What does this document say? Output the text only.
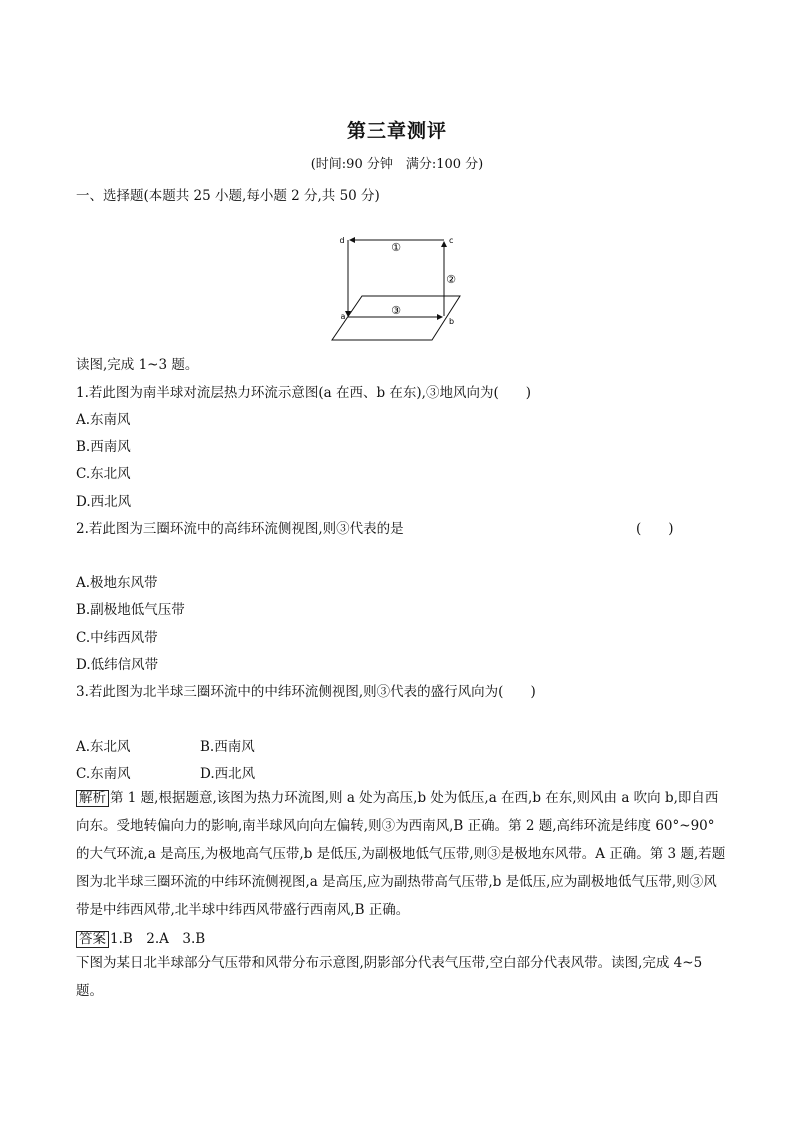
第三章测评
(时间:90 分钟　满分:100 分)
一、选择题(本题共 25 小题,每小题 2 分,共 50 分)
d	c
a
b
①
②
③
读图,完成 1~3 题。
1.若此图为南半球对流层热力环流示意图(a 在西、b 在东),③地风向为(　　)
A.东南风
B.西南风
C.东北风
D.西北风
2.若此图为三圈环流中的高纬环流侧视图,则③代表的是	(　　)
A.极地东风带
B.副极地低气压带
C.中纬西风带
D.低纬信风带
3.若此图为北半球三圈环流中的中纬环流侧视图,则③代表的盛行风向为(　　)
A.东北风	B.西南风
C.东南风	D.西北风
解析 第 1 题,根据题意,该图为热力环流图,则 a 处为高压,b 处为低压,a 在西,b 在东,则风由 a 吹向 b,即自西向东。受地转偏向力的影响,南半球风向向左偏转,则③为西南风,B 正确。第 2 题,高纬环流是纬度 60°~90° 的大气环流,a 是高压,为极地高气压带,b 是低压,为副极地低气压带,则③是极地东风带。A 正确。第 3 题,若题图为北半球三圈环流的中纬环流侧视图,a 是高压,应为副热带高气压带,b 是低压,应为副极地低气压带,则③风带是中纬西风带,北半球中纬西风带盛行西南风,B 正确。
答案 1.B　2.A　3.B
下图为某日北半球部分气压带和风带分布示意图,阴影部分代表气压带,空白部分代表风带。读图,完成 4~5 题。
